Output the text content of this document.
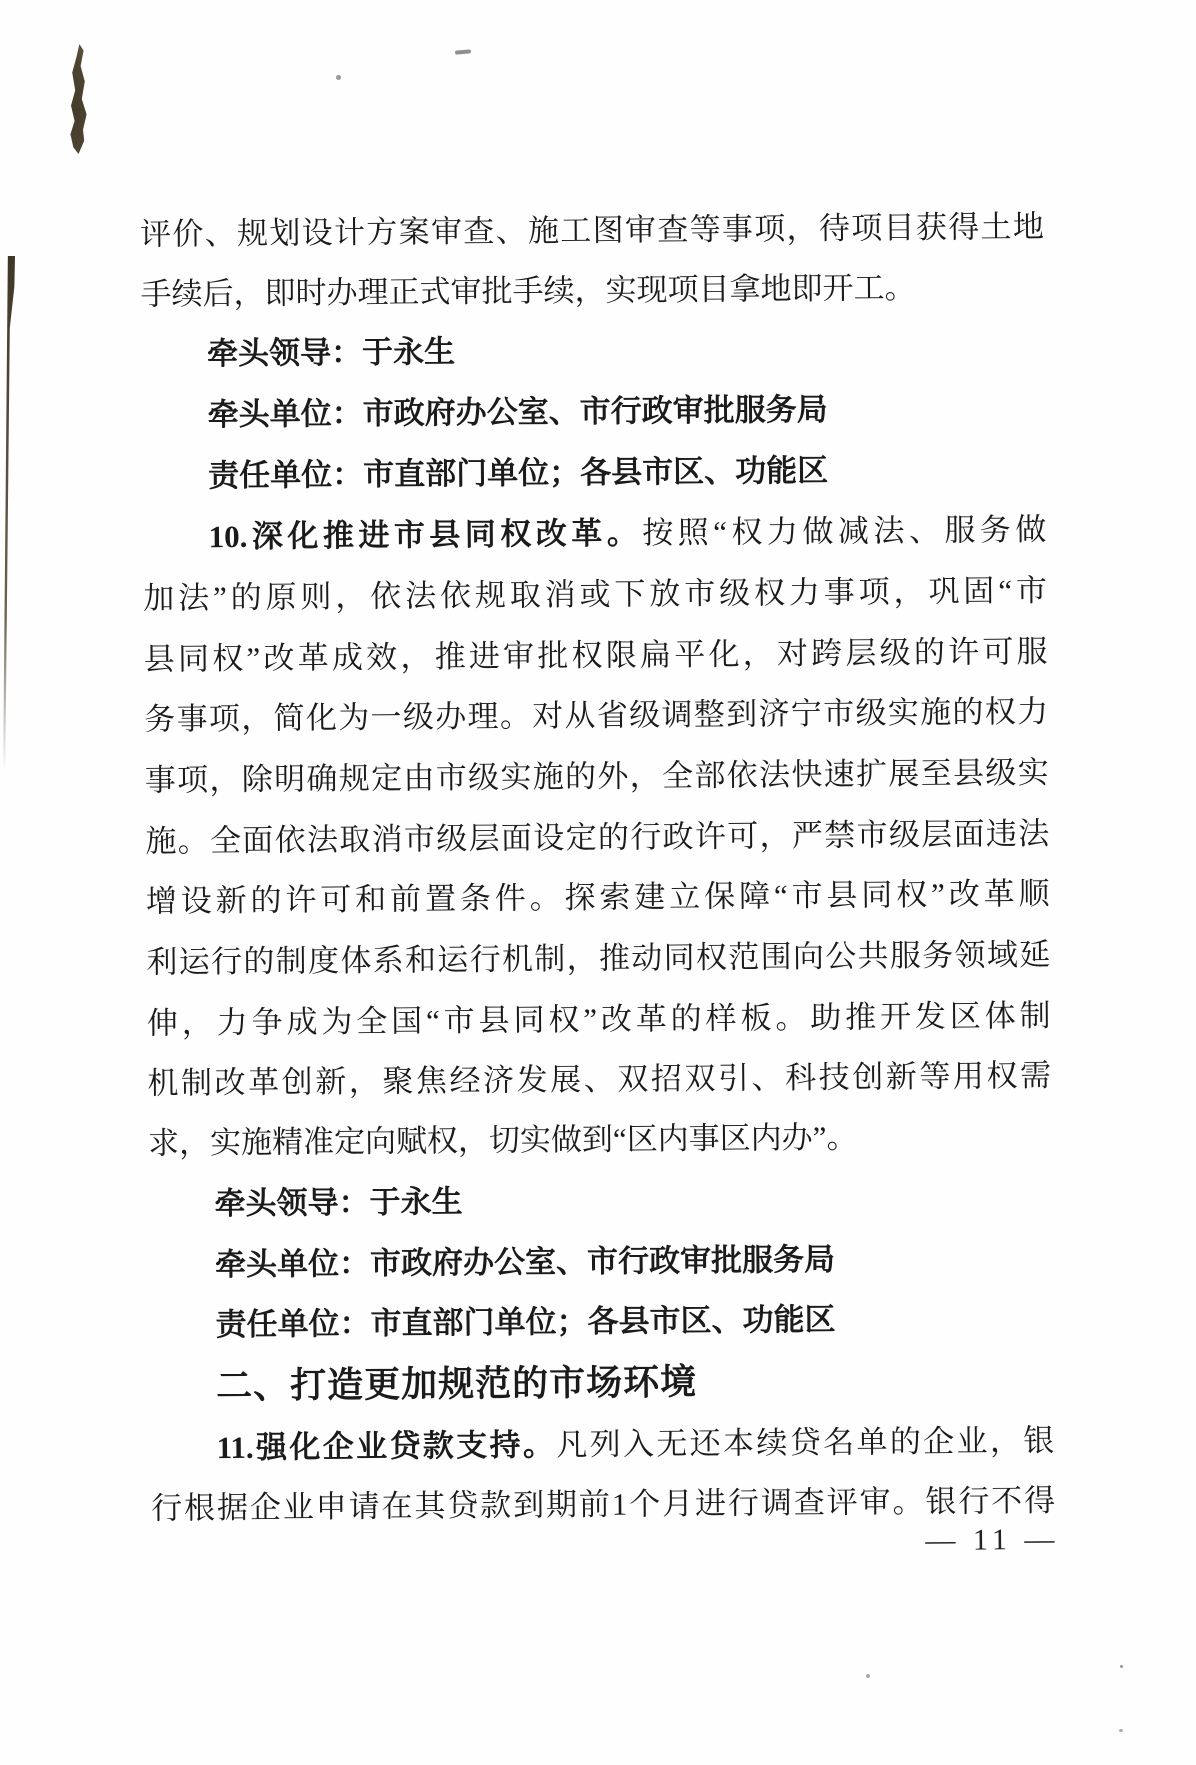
评 价 、 规 划 设 计 方 案 审 查 、 施 工 图 审 查 等 事 项 ， 待 项 目 获 得 土 地
手续后，即时办理正式审批手续，实现项目拿地即开工。
牵头领导：于永生
牵头单位：市政府办公室、市行政审批服务局
责任单位：市直部门单位；各县市区、功能区
10. 深 化 推 进 市 县 同 权 改 革 。 按 照 “ 权 力 做 减 法 、 服 务 做
加 法 ” 的 原 则 ， 依 法 依 规 取 消 或 下 放 市 级 权 力 事 项 ， 巩 固 “ 市
县 同 权 ” 改 革 成 效 ， 推 进 审 批 权 限 扁 平 化 ， 对 跨 层 级 的 许 可 服
务 事 项 ， 简 化 为 一 级 办 理 。 对 从 省 级 调 整 到 济 宁 市 级 实 施 的 权 力
事 项 ， 除 明 确 规 定 由 市 级 实 施 的 外 ， 全 部 依 法 快 速 扩 展 至 县 级 实
施 。 全 面 依 法 取 消 市 级 层 面 设 定 的 行 政 许 可 ， 严 禁 市 级 层 面 违 法
增 设 新 的 许 可 和 前 置 条 件 。 探 索 建 立 保 障 “ 市 县 同 权 ” 改 革 顺
利 运 行 的 制 度 体 系 和 运 行 机 制 ， 推 动 同 权 范 围 向 公 共 服 务 领 域 延
伸 ， 力 争 成 为 全 国 “ 市 县 同 权 ” 改 革 的 样 板 。 助 推 开 发 区 体 制
机 制 改 革 创 新 ， 聚 焦 经 济 发 展 、 双 招 双 引 、 科 技 创 新 等 用 权 需
求，实施精准定向赋权，切实做到“区内事区内办”。
牵头领导：于永生
牵头单位：市政府办公室、市行政审批服务局
责任单位：市直部门单位；各县市区、功能区
二、打造更加规范的市场环境
11. 强 化 企 业 贷 款 支 持 。 凡 列 入 无 还 本 续 贷 名 单 的 企 业 ， 银
行 根 据 企 业 申 请 在 其 贷 款 到 期 前 1 个 月 进 行 调 查 评 审 。 银 行 不 得
— 11 —
